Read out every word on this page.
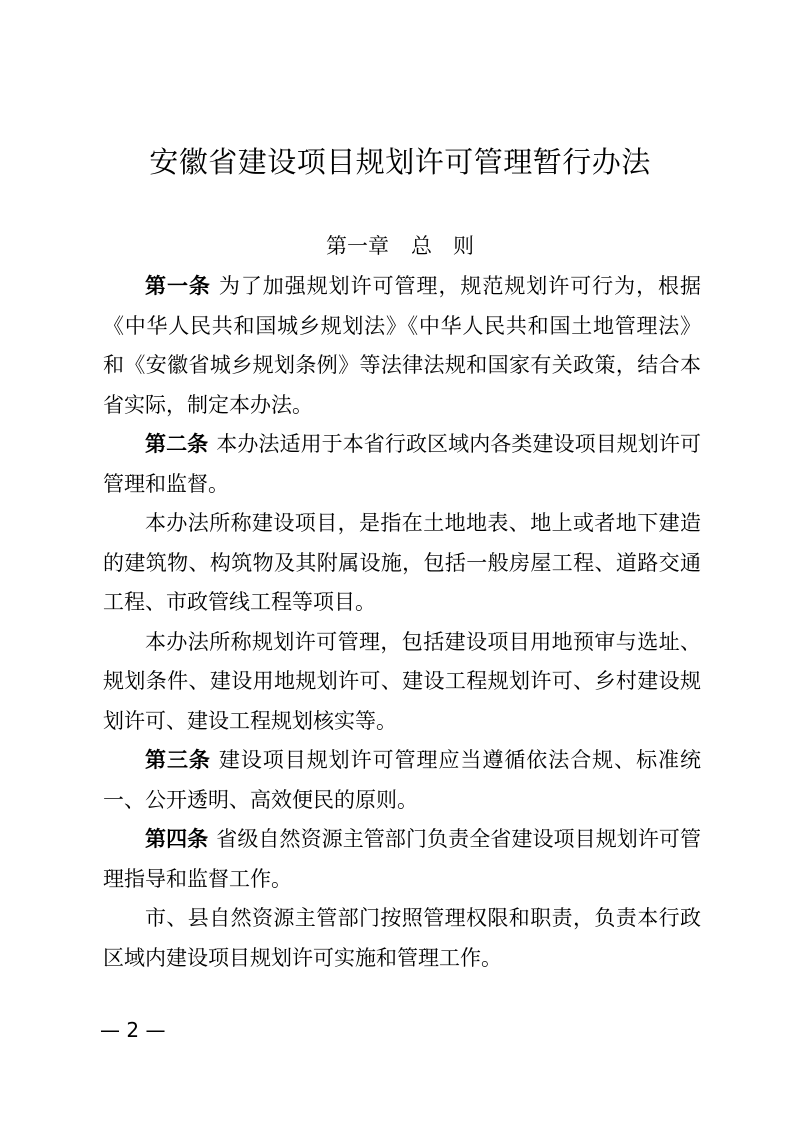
安徽省建设项目规划许可管理暂行办法
第一章 总　则

第一条 为了加强规划许可管理，规范规划许可行为，根据《中华人民共和国城乡规划法》《中华人民共和国土地管理法》和《安徽省城乡规划条例》等法律法规和国家有关政策，结合本省实际，制定本办法。

第二条 本办法适用于本省行政区域内各类建设项目规划许可管理和监督。

本办法所称建设项目，是指在土地地表、地上或者地下建造的建筑物、构筑物及其附属设施，包括一般房屋工程、道路交通工程、市政管线工程等项目。

本办法所称规划许可管理，包括建设项目用地预审与选址、规划条件、建设用地规划许可、建设工程规划许可、乡村建设规划许可、建设工程规划核实等。

第三条 建设项目规划许可管理应当遵循依法合规、标准统一、公开透明、高效便民的原则。

第四条 省级自然资源主管部门负责全省建设项目规划许可管理指导和监督工作。

市、县自然资源主管部门按照管理权限和职责，负责本行政区域内建设项目规划许可实施和管理工作。

— 2 —
